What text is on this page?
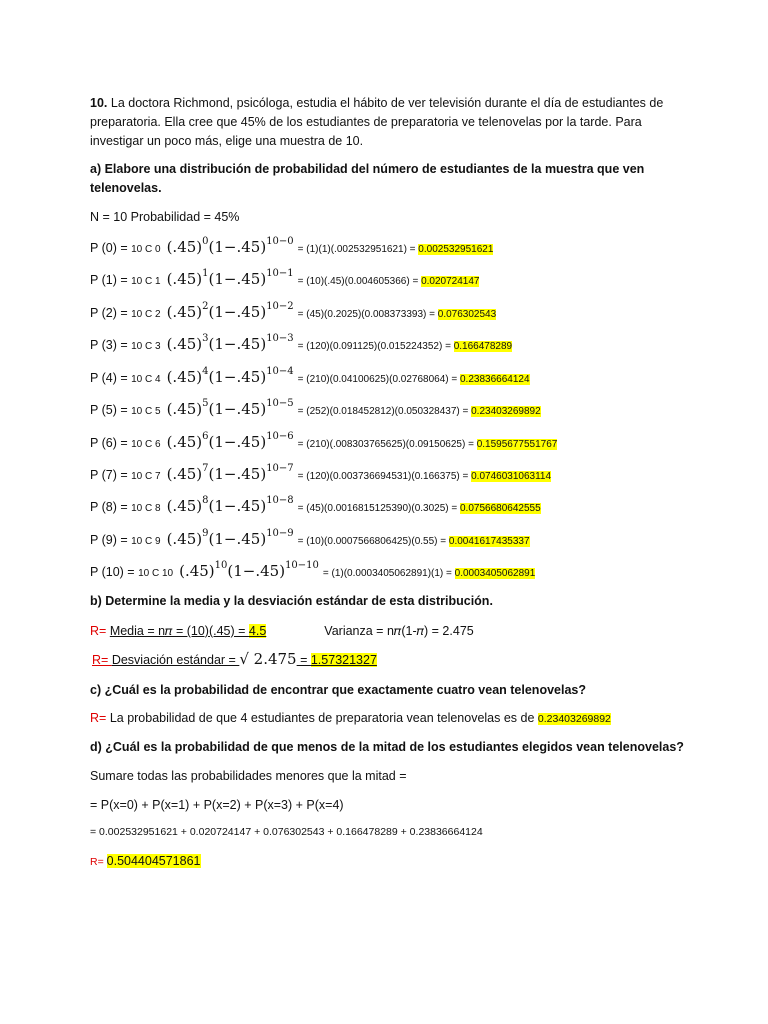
10. La doctora Richmond, psicóloga, estudia el hábito de ver televisión durante el día de estudiantes de
preparatoria. Ella cree que 45% de los estudiantes de preparatoria ve telenovelas por la tarde. Para
investigar un poco más, elige una muestra de 10.
a) Elabore una distribución de probabilidad del número de estudiantes de la muestra que ven
telenovelas.
N = 10 Probabilidad = 45%
P (0) = 10 C 0 $(.45)^0(1-.45)^{10-0}= (1)(1)(.002532951621) = 0.002532951621$
P (1) = 10 C 1 $(.45)^1(1-.45)^{10-1}= (10)(.45)(0.004605366) = 0.020724147$
P (2) = 10 C 2 $(.45)^2(1-.45)^{10-2}= (45)(0.2025)(0.008373393) = 0.076302543$
P (3) = 10 C 3 $(.45)^3(1-.45)^{10-3}= (120)(0.091125)(0.015224352) = 0.166478289$
P (4) = 10 C 4 $(.45)^4(1-.45)^{10-4}= (210)(0.04100625)(0.02768064) = 0.23836664124$
P (5) = 10 C 5 $(.45)^5(1-.45)^{10-5}= (252)(0.018452812)(0.050328437) = 0.23403269892$
P (6) = 10 C 6 $(.45)^6(1-.45)^{10-6}= (210)(.008303765625)(0.09150625) = 0.1595677551767$
P (7) = 10 C 7 $(.45)^7(1-.45)^{10-7}= (120)(0.003736694531)(0.166375) = 0.0746031063114$
P (8) = 10 C 8 $(.45)^8(1-.45)^{10-8}= (45)(0.0016815125390)(0.3025) = 0.0756680642555$
P (9) = 10 C 9 $(.45)^9(1-.45)^{10-9}= (10)(0.0007566806425)(0.55) = 0.0041617435337$
P (10) = 10 C 10 $(.45)^{10}(1-.45)^{10-10}= (1)(0.0003405062891)(1) = 0.0003405062891$
b) Determine la media y la desviación estándar de esta distribución.
R= Media = n𝜋 = (10)(.45) = 4.5	Varianza = n𝜋(1-𝜋) = 2.475
R= Desviación estándar = √ 2.475 = 1.57321327
c) ¿Cuál es la probabilidad de encontrar que exactamente cuatro vean telenovelas?
R= La probabilidad de que 4 estudiantes de preparatoria vean telenovelas es de 0.23403269892
d) ¿Cuál es la probabilidad de que menos de la mitad de los estudiantes elegidos vean telenovelas?
Sumare todas las probabilidades menores que la mitad =
= P(x=0) + P(x=1) + P(x=2) + P(x=3) + P(x=4)
= 0.002532951621 + 0.020724147 + 0.076302543 + 0.166478289 + 0.23836664124
R= 0.504404571861
